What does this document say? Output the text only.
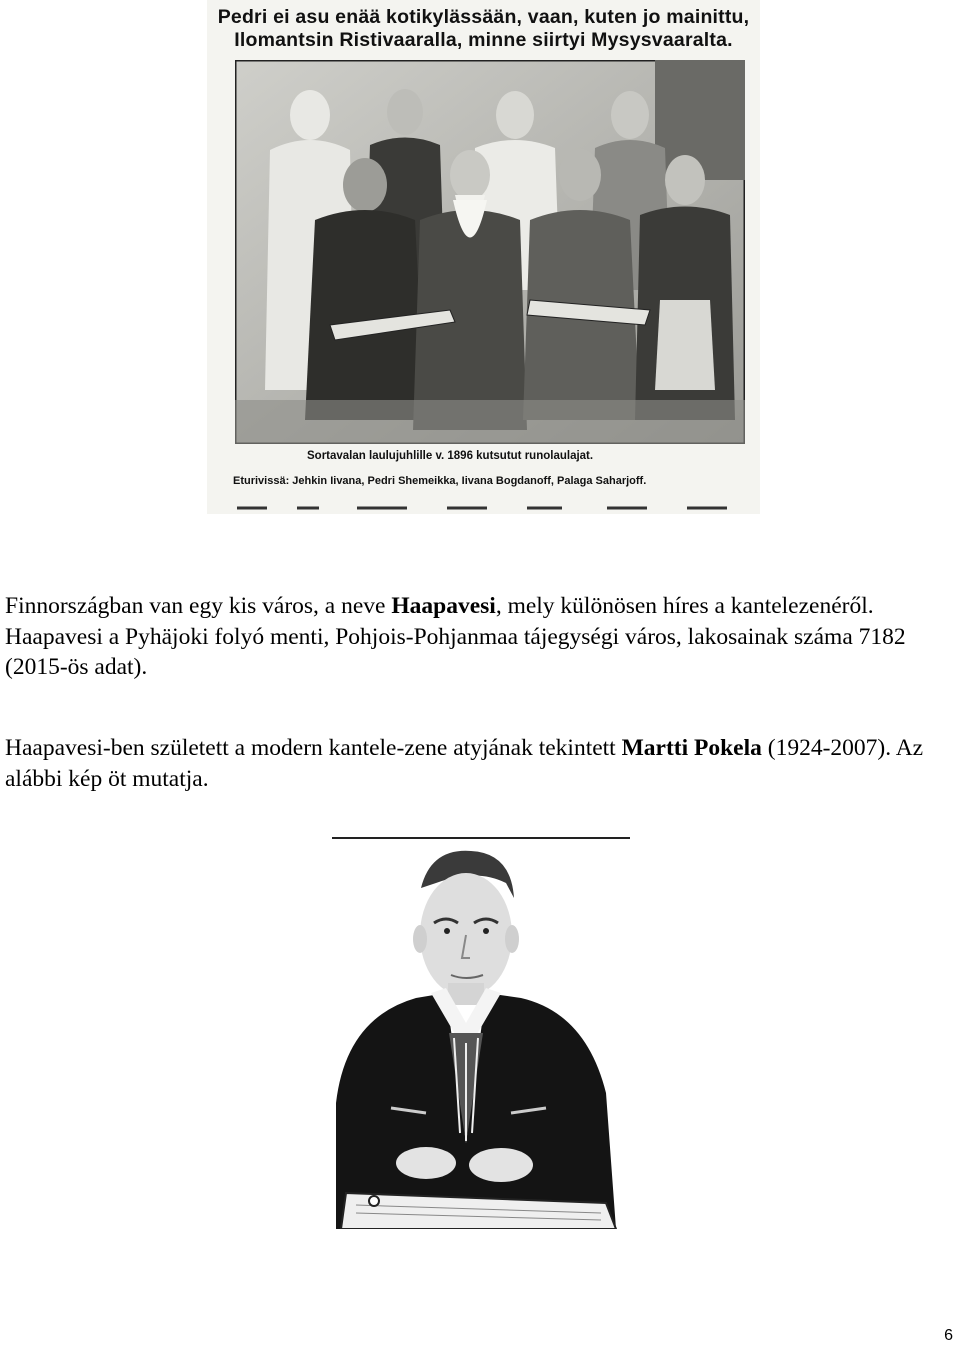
Pedri ei asu enää kotikylässään, vaan, kuten jo mainittu,
Ilomantsin Ristivaaralla, minne siirtyi Mysysvaaralta.
Sortavalan laulujuhlille v. 1896 kutsutut runolaulajat.
Eturivissä: Jehkin Iivana, Pedri Shemeikka, Iivana Bogdanoff, Palaga Saharjoff.

Finnországban van egy kis város, a neve Haapavesi, mely különösen híres a kantelezenéről. Haapavesi a Pyhäjoki folyó menti, Pohjois-Pohjanmaa tájegységi város, lakosainak száma 7182 (2015-ös adat).

Haapavesi-ben született a modern kantele-zene atyjának tekintett Martti Pokela (1924-2007). Az alábbi kép öt mutatja.

6
